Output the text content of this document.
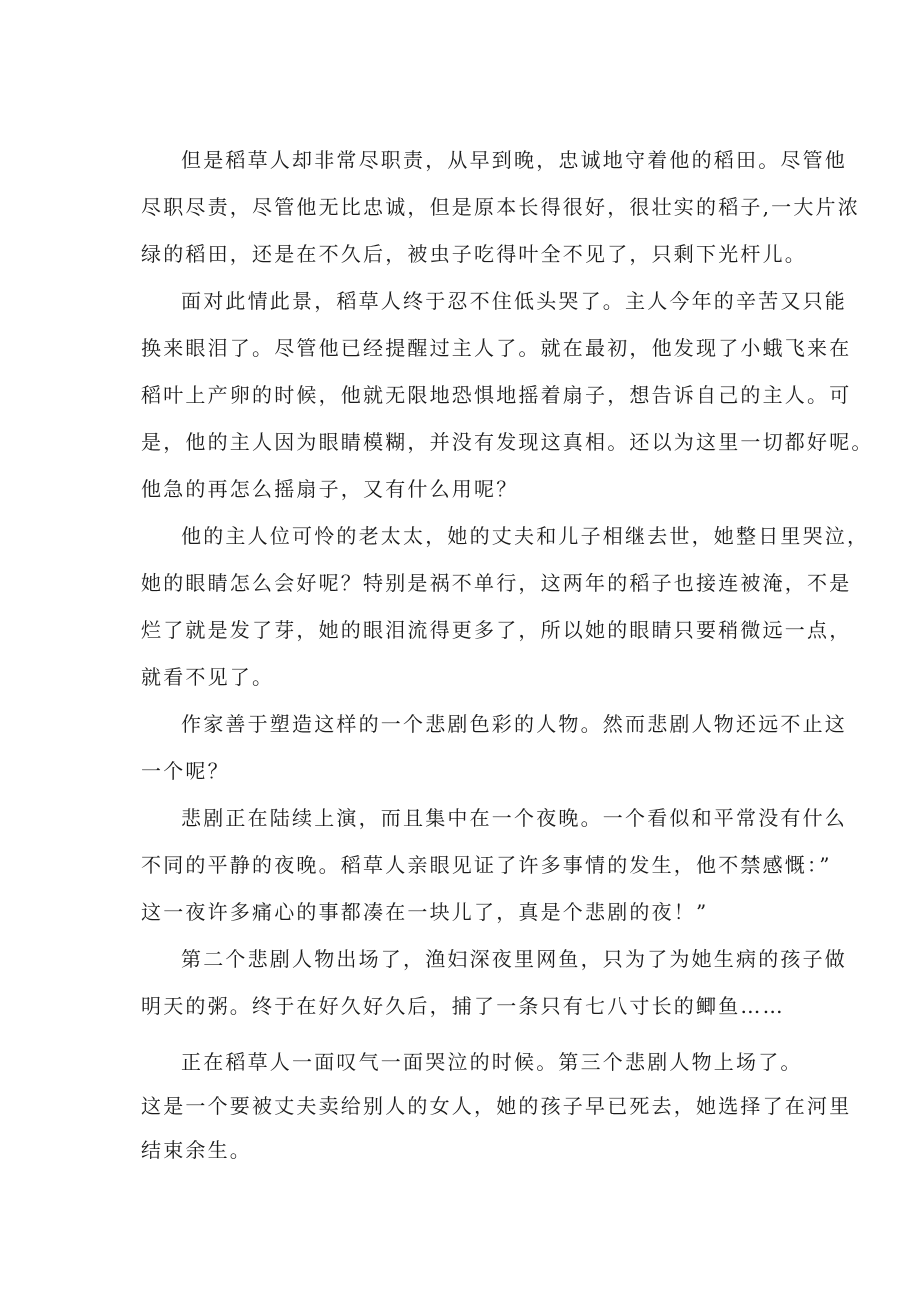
但是稻草人却非常尽职责，从早到晚，忠诚地守着他的稻田。尽管他
尽职尽责，尽管他无比忠诚，但是原本长得很好，很壮实的稻子,一大片浓
绿的稻田，还是在不久后，被虫子吃得叶全不见了，只剩下光杆儿。
面对此情此景，稻草人终于忍不住低头哭了。主人今年的辛苦又只能
换来眼泪了。尽管他已经提醒过主人了。就在最初，他发现了小蛾飞来在
稻叶上产卵的时候，他就无限地恐惧地摇着扇子，想告诉自己的主人。可
是，他的主人因为眼睛模糊，并没有发现这真相。还以为这里一切都好呢。
他急的再怎么摇扇子，又有什么用呢？
他的主人位可怜的老太太，她的丈夫和儿子相继去世，她整日里哭泣，
她的眼睛怎么会好呢？特别是祸不单行，这两年的稻子也接连被淹，不是
烂了就是发了芽，她的眼泪流得更多了，所以她的眼睛只要稍微远一点，
就看不见了。
作家善于塑造这样的一个悲剧色彩的人物。然而悲剧人物还远不止这
一个呢？
悲剧正在陆续上演，而且集中在一个夜晚。一个看似和平常没有什么
不同的平静的夜晚。稻草人亲眼见证了许多事情的发生，他不禁感慨：”
这一夜许多痛心的事都凑在一块儿了，真是个悲剧的夜！”
第二个悲剧人物出场了，渔妇深夜里网鱼，只为了为她生病的孩子做
明天的粥。终于在好久好久后，捕了一条只有七八寸长的鲫鱼……
正在稻草人一面叹气一面哭泣的时候。第三个悲剧人物上场了。
这是一个要被丈夫卖给别人的女人，她的孩子早已死去，她选择了在河里
结束余生。
